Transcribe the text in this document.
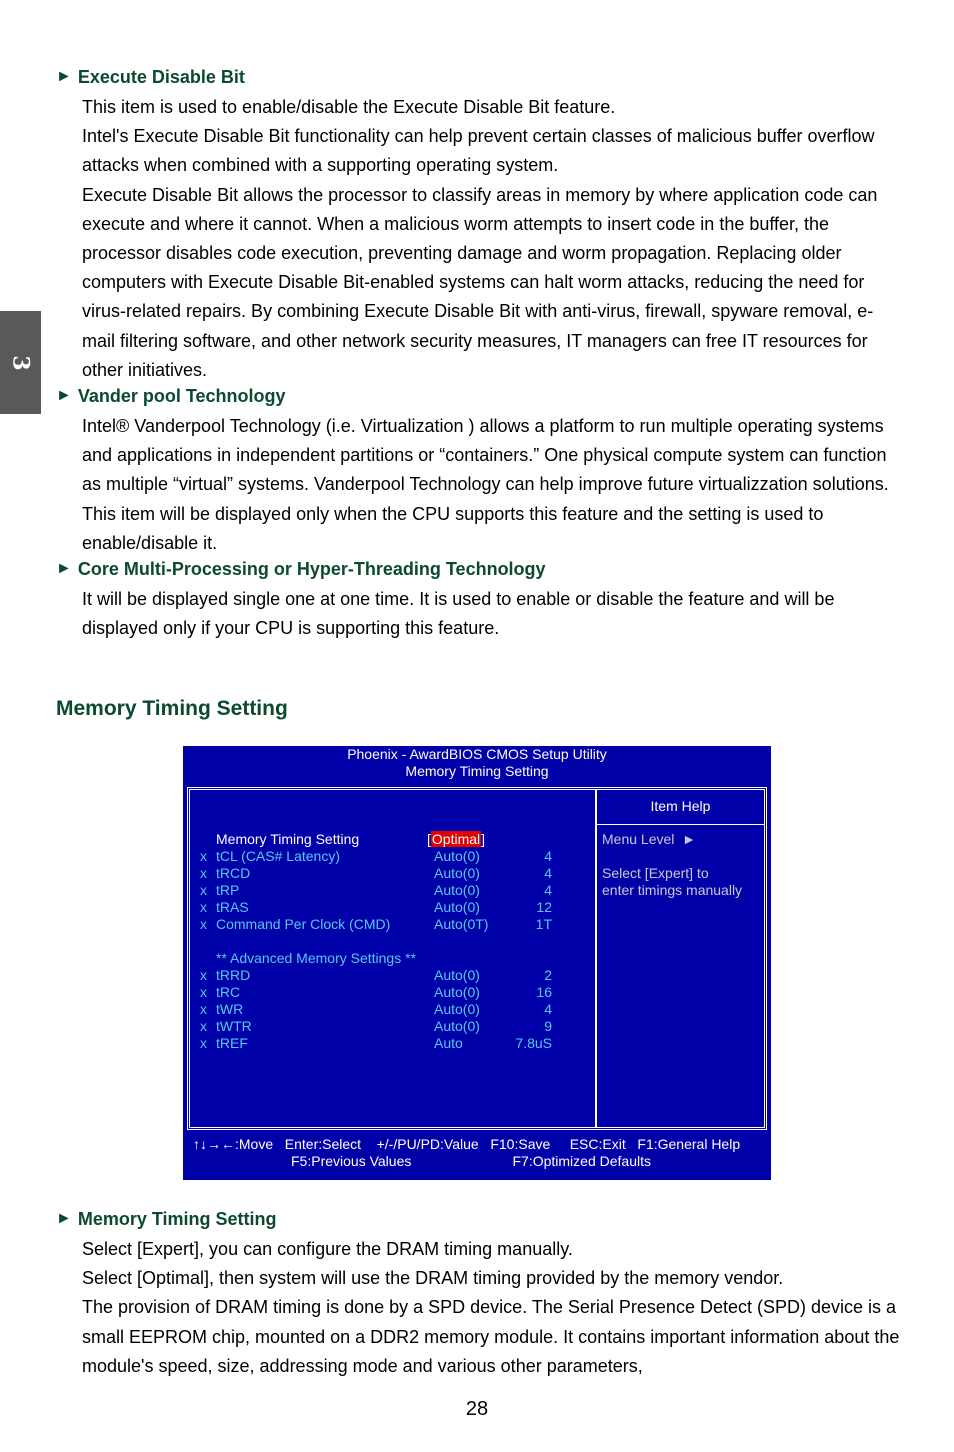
3
► Execute Disable Bit

This item is used to enable/disable the Execute Disable Bit feature.

Intel's Execute Disable Bit functionality can help prevent certain classes of malicious buffer overflow attacks when combined with a supporting operating system.

Execute Disable Bit allows the processor to classify areas in memory by where application code can execute and where it cannot. When a malicious worm attempts to insert code in the buffer, the processor disables code execution, preventing damage and worm propagation. Replacing older computers with Execute Disable Bit-enabled systems can halt worm attacks, reducing the need for virus-related repairs. By combining Execute Disable Bit with anti-virus, firewall, spyware removal, e-mail filtering software, and other network security measures, IT managers can free IT resources for other initiatives.

► Vander pool Technology

Intel® Vanderpool Technology (i.e. Virtualization ) allows a platform to run multiple operating systems and applications in independent partitions or “containers.” One physical compute system can function as multiple “virtual” systems. Vanderpool Technology can help improve future virtualizzation solutions. This item will be displayed only when the CPU supports this feature and the setting is used to enable/disable it.

► Core Multi-Processing or Hyper-Threading Technology

It will be displayed single one at one time. It is used to enable or disable the feature and will be displayed only if your CPU is supporting this feature.

Memory Timing Setting
Phoenix - AwardBIOS CMOS Setup Utility
Memory Timing Setting
Item Help
Menu Level ►
Select [Expert] to
enter timings manually
Memory Timing Setting	[Optimal]
x tCL (CAS# Latency)	Auto(0)	4
x tRCD	Auto(0)	4
x tRP	Auto(0)	4
x tRAS	Auto(0)	12
x Command Per Clock (CMD)	Auto(0T)	1T
** Advanced Memory Settings **
x tRRD	Auto(0)	2
x tRC	Auto(0)	16
x tWR	Auto(0)	4
x tWTR	Auto(0)	9
x tREF	Auto	7.8uS
↑↓→←:Move   Enter:Select    +/-/PU/PD:Value   F10:Save     ESC:Exit   F1:General Help
F5:Previous Values                          F7:Optimized Defaults
► Memory Timing Setting

Select [Expert], you can configure the DRAM timing manually.

Select [Optimal], then system will use the DRAM timing provided by the memory vendor.

The provision of DRAM timing is done by a SPD device. The Serial Presence Detect (SPD) device is a small EEPROM chip, mounted on a DDR2 memory module. It contains important information about the module's speed, size, addressing mode and various other parameters,

28
